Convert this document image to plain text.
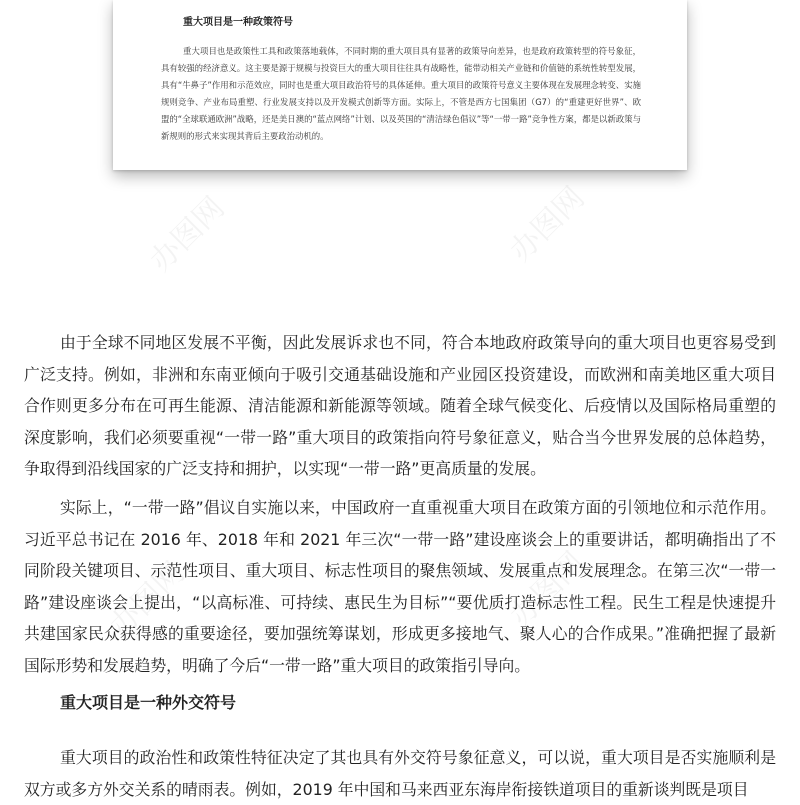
重大项目是一种政策符号

重大项目也是政策性工具和政策落地载体，不同时期的重大项目具有显著的政策导向差异，也是政府政策转型的符号象征，具有较强的经济意义。这主要是源于规模与投资巨大的重大项目往往具有战略性，能带动相关产业链和价值链的系统性转型发展，具有“牛鼻子”作用和示范效应，同时也是重大项目政治符号的具体延伸。重大项目的政策符号意义主要体现在发展理念转变、实施规则竞争、产业布局重塑、行业发展支持以及开发模式创新等方面。实际上，不管是西方七国集团（G7）的“重建更好世界”、欧盟的“全球联通欧洲”战略，还是美日澳的“蓝点网络”计划、以及英国的“清洁绿色倡议”等“一带一路”竞争性方案，都是以新政策与新规则的形式来实现其背后主要政治动机的。

由于全球不同地区发展不平衡，因此发展诉求也不同，符合本地政府政策导向的重大项目也更容易受到广泛支持。例如，非洲和东南亚倾向于吸引交通基础设施和产业园区投资建设，而欧洲和南美地区重大项目合作则更多分布在可再生能源、清洁能源和新能源等领域。随着全球气候变化、后疫情以及国际格局重塑的深度影响，我们必须要重视“一带一路”重大项目的政策指向符号象征意义，贴合当今世界发展的总体趋势，争取得到沿线国家的广泛支持和拥护，以实现“一带一路”更高质量的发展。

实际上，“一带一路”倡议自实施以来，中国政府一直重视重大项目在政策方面的引领地位和示范作用。习近平总书记在 2016 年、2018 年和 2021 年三次“一带一路”建设座谈会上的重要讲话，都明确指出了不同阶段关键项目、示范性项目、重大项目、标志性项目的聚焦领域、发展重点和发展理念。在第三次“一带一路”建设座谈会上提出，“以高标准、可持续、惠民生为目标”“要优质打造标志性工程。民生工程是快速提升共建国家民众获得感的重要途径，要加强统筹谋划，形成更多接地气、聚人心的合作成果。”准确把握了最新国际形势和发展趋势，明确了今后“一带一路”重大项目的政策指引导向。

重大项目是一种外交符号

重大项目的政治性和政策性特征决定了其也具有外交符号象征意义，可以说，重大项目是否实施顺利是双方或多方外交关系的晴雨表。例如，2019 年中国和马来西亚东海岸衔接铁道项目的重新谈判既是项目
